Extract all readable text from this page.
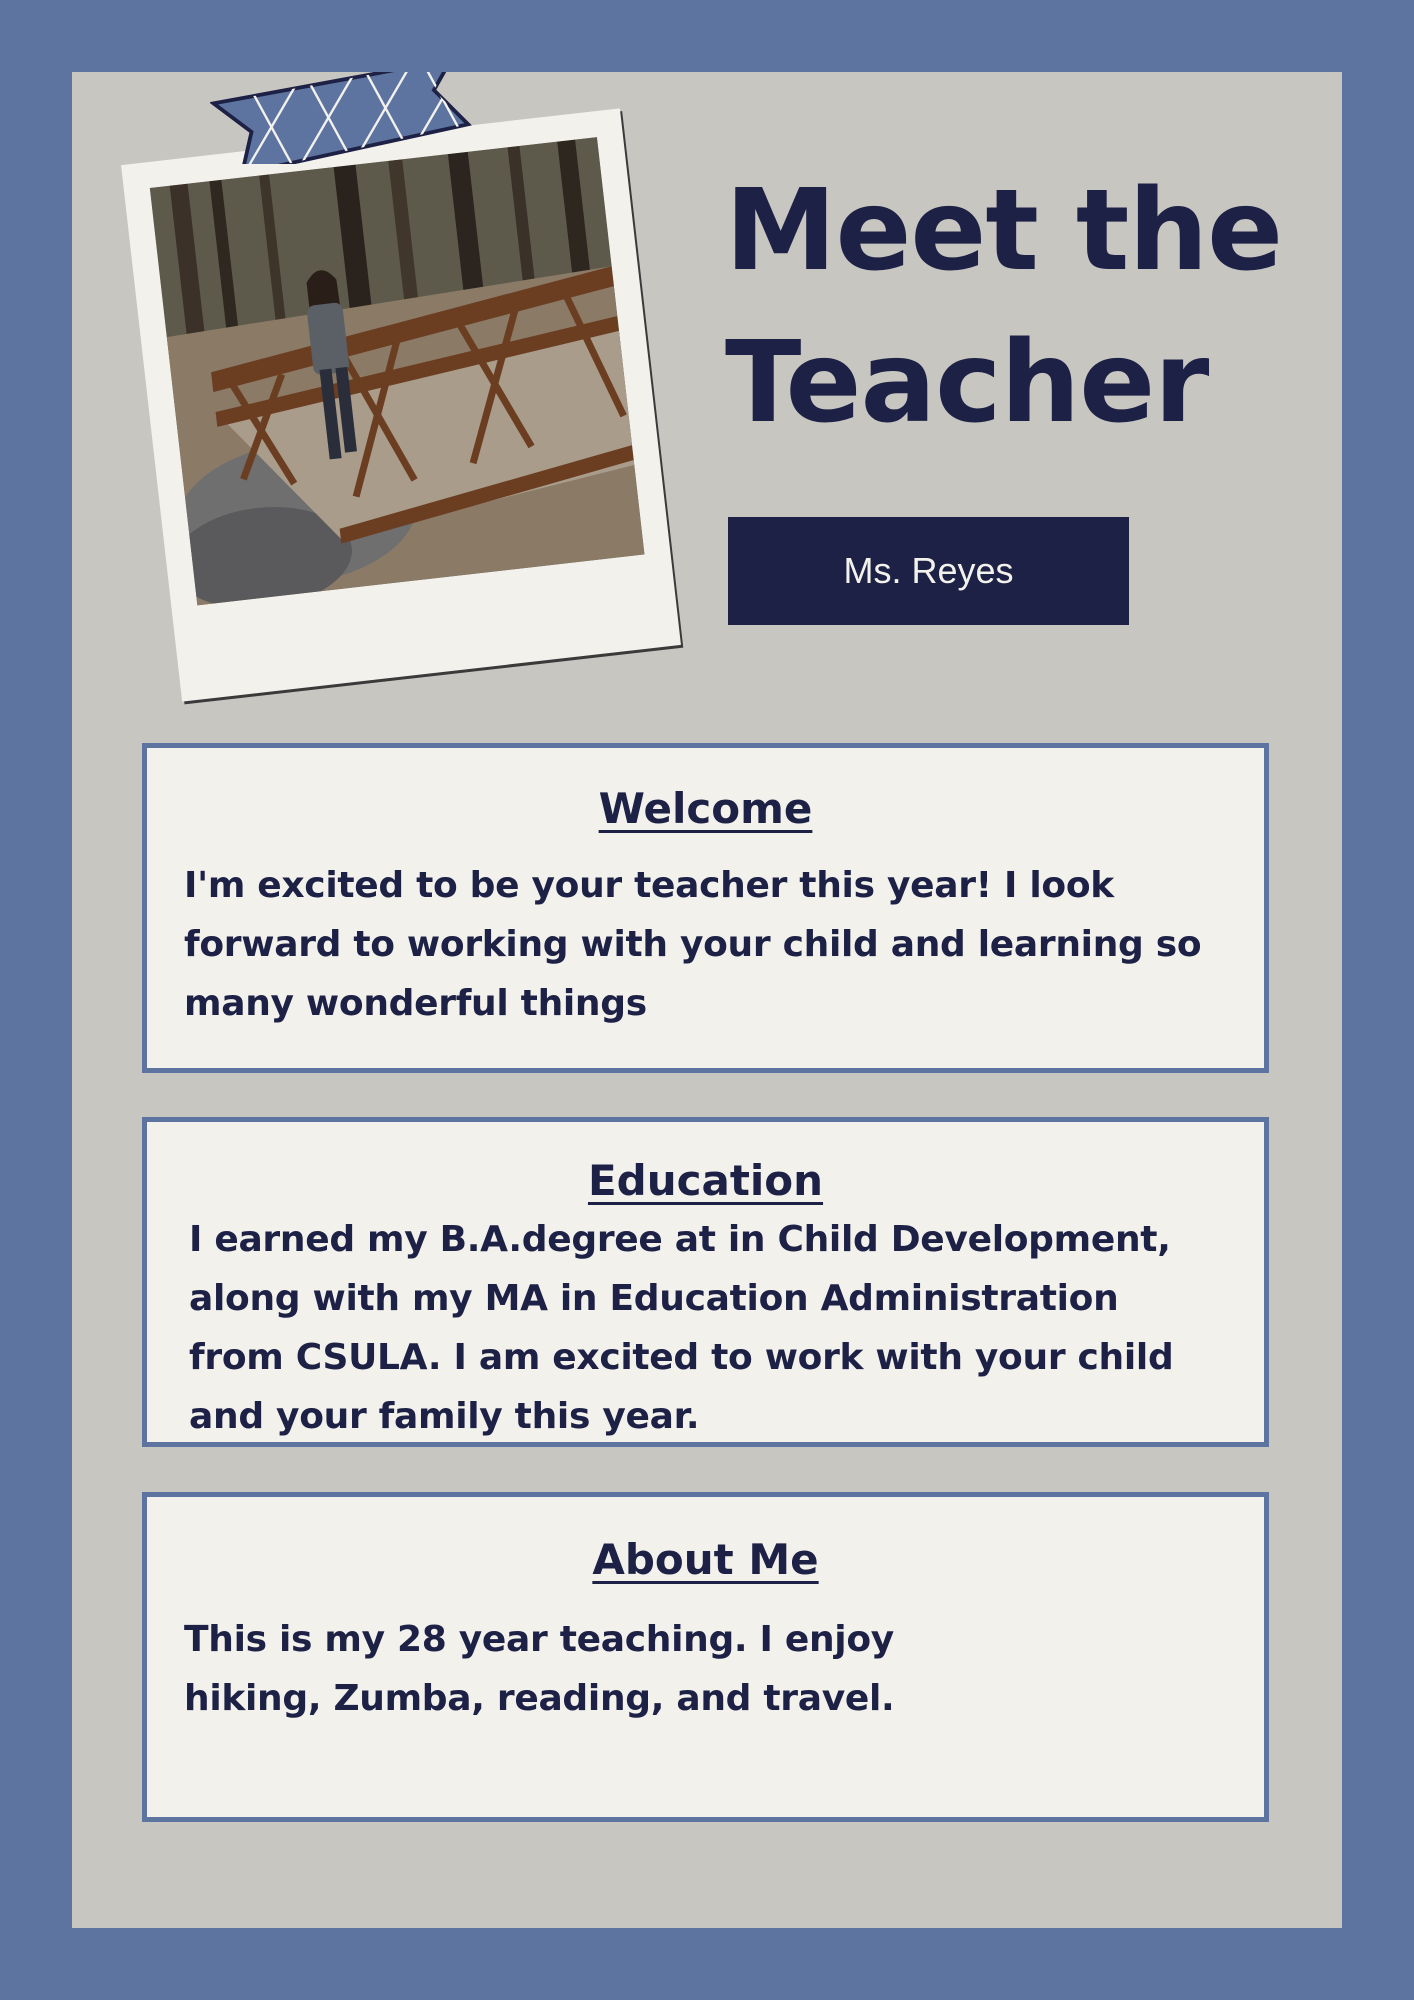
Meet the
Teacher
Ms. Reyes
Welcome

I'm excited to be your teacher this year! I look
forward to working with your child and learning so
many wonderful things

Education

I earned my B.A.degree at in Child Development,
along with my MA in Education Administration
from CSULA. I am excited to work with your child
and your family this year.

About Me

This is my 28 year teaching. I enjoy
hiking, Zumba, reading, and travel.
